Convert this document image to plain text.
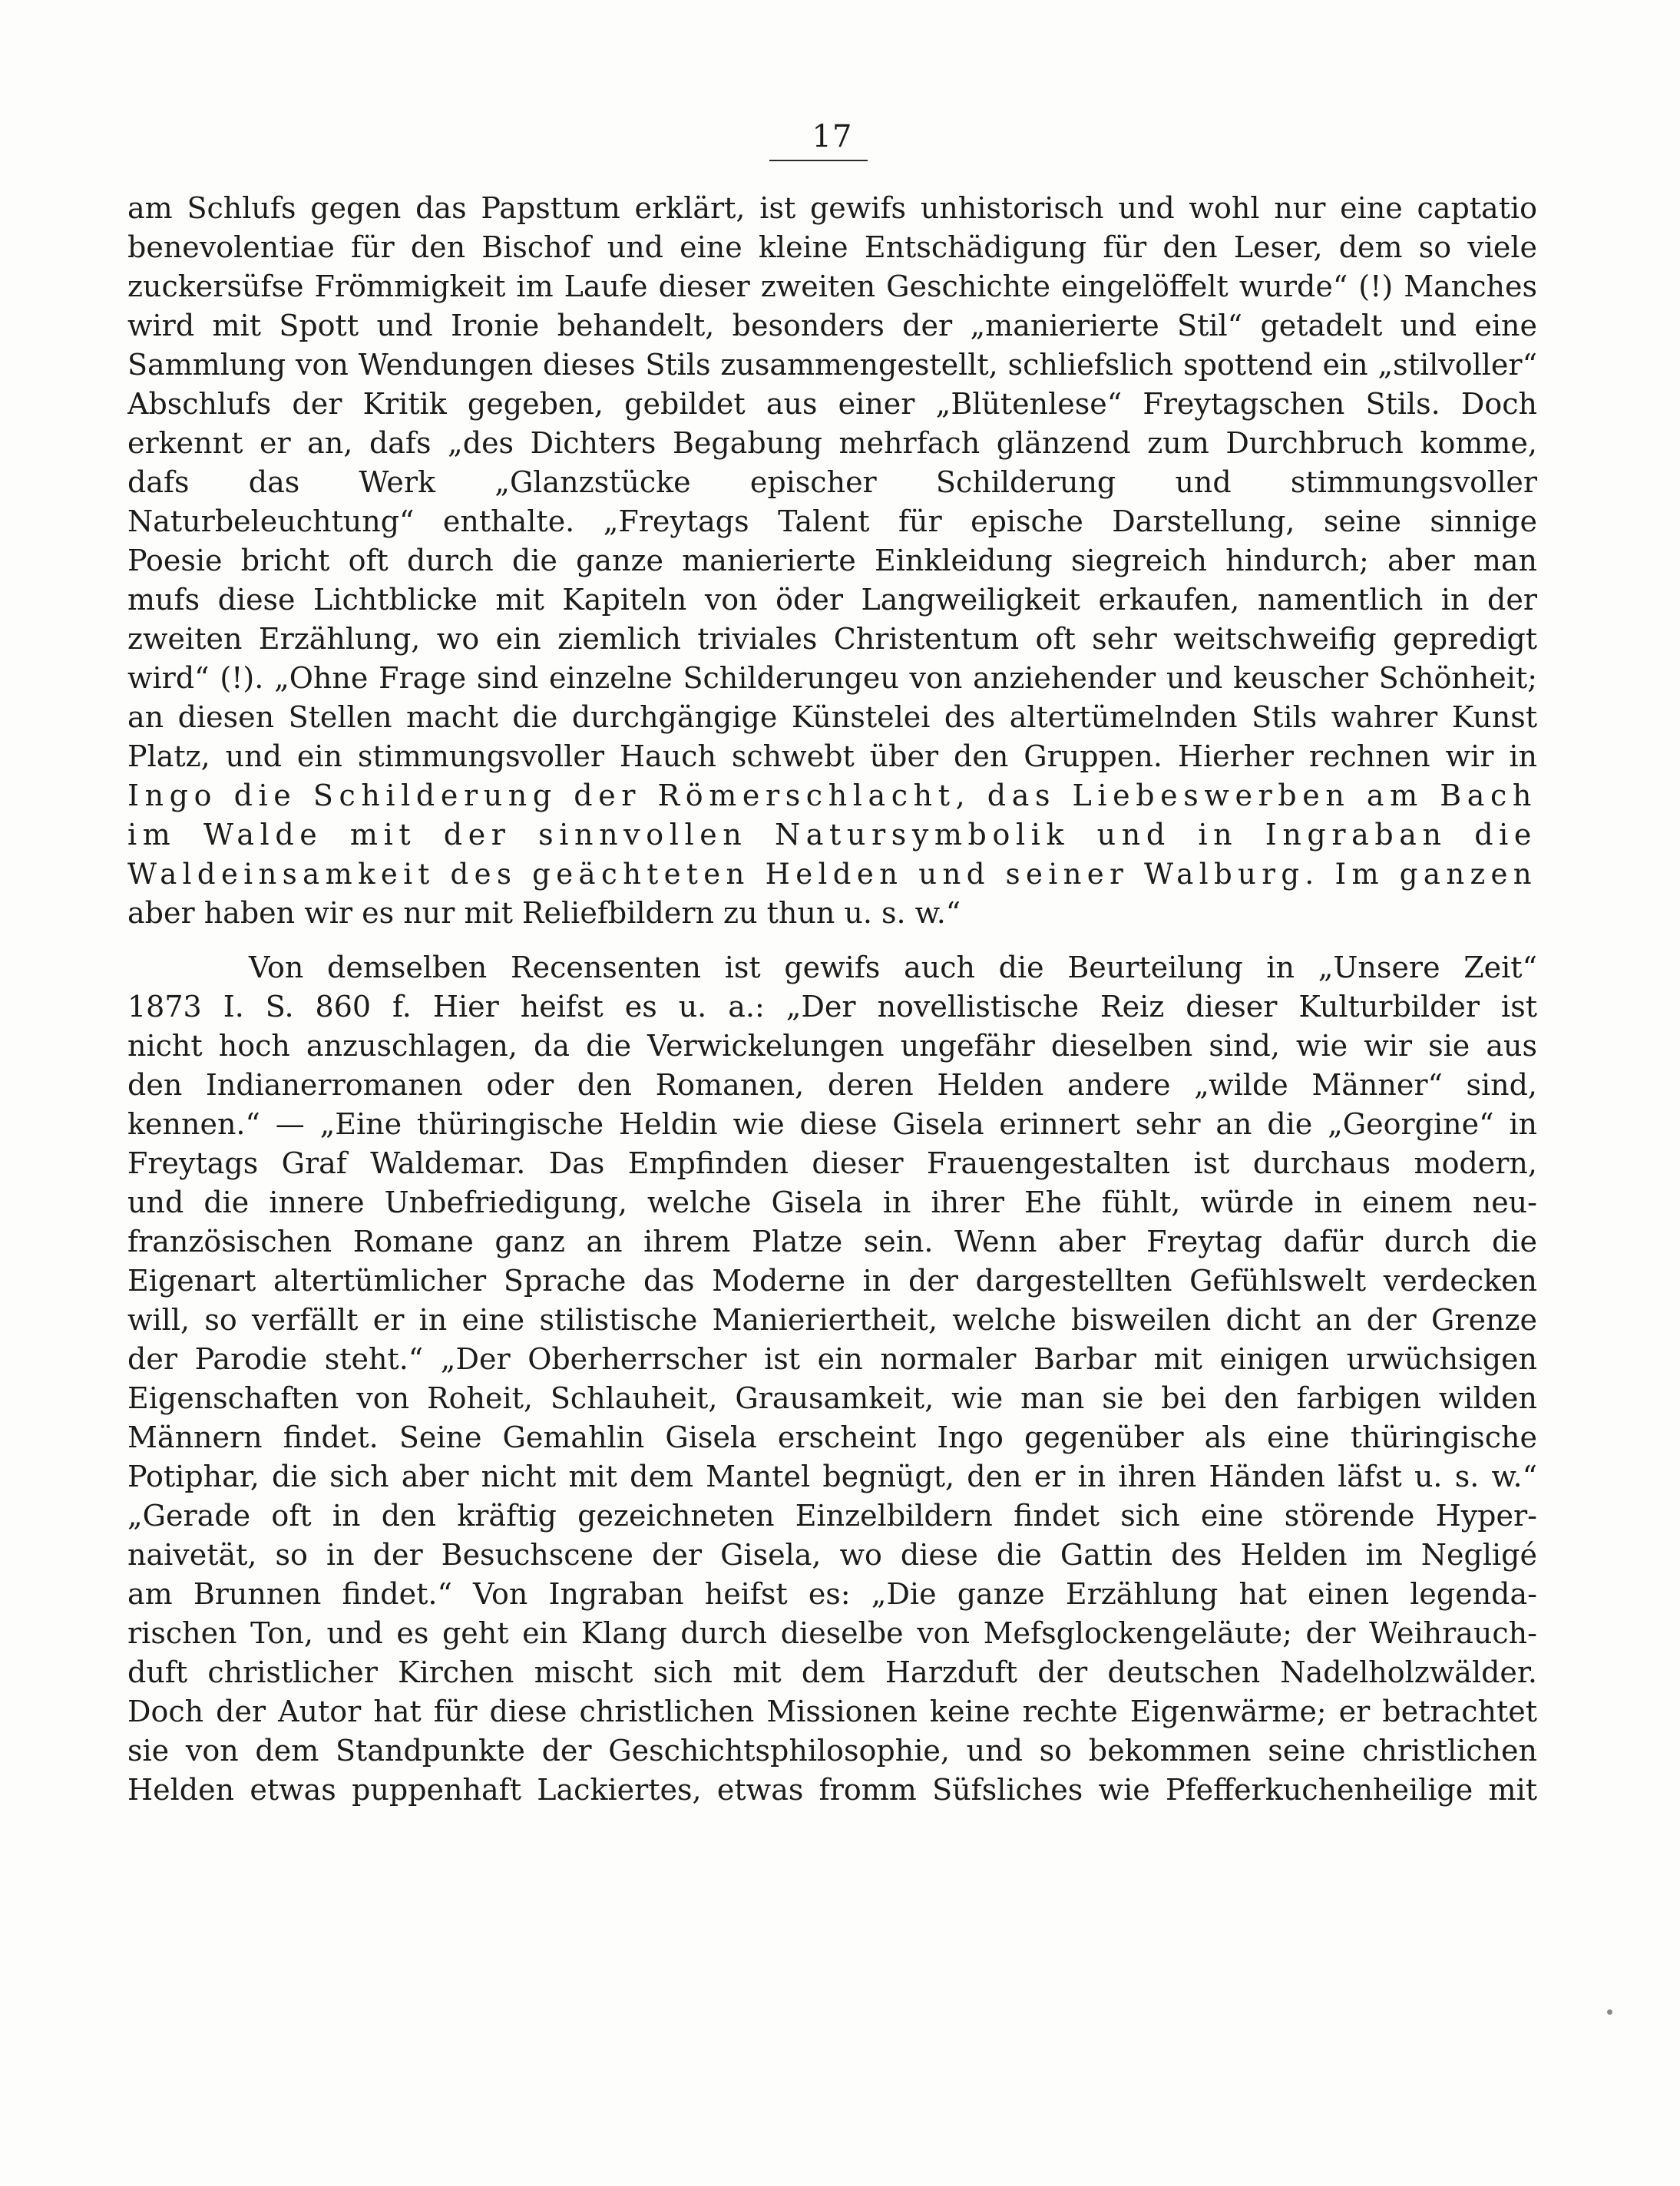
17
am Schlufs gegen das Papsttum erklärt, ist gewifs unhistorisch und wohl nur eine captatio
benevolentiae für den Bischof und eine kleine Entschädigung für den Leser, dem so viele
zuckersüfse Frömmigkeit im Laufe dieser zweiten Geschichte eingelöffelt wurde“ (!) Manches
wird mit Spott und Ironie behandelt, besonders der „manierierte Stil“ getadelt und eine
Sammlung von Wendungen dieses Stils zusammengestellt, schliefslich spottend ein „stilvoller“
Abschlufs der Kritik gegeben, gebildet aus einer „Blütenlese“ Freytagschen Stils. Doch
erkennt er an, dafs „des Dichters Begabung mehrfach glänzend zum Durchbruch komme,
dafs das Werk „Glanzstücke epischer Schilderung und stimmungsvoller
Naturbeleuchtung“ enthalte. „Freytags Talent für epische Darstellung, seine sinnige
Poesie bricht oft durch die ganze manierierte Einkleidung siegreich hindurch; aber man
mufs diese Lichtblicke mit Kapiteln von öder Langweiligkeit erkaufen, namentlich in der
zweiten Erzählung, wo ein ziemlich triviales Christentum oft sehr weitschweifig gepredigt
wird“ (!). „Ohne Frage sind einzelne Schilderungeu von anziehender und keuscher Schönheit;
an diesen Stellen macht die durchgängige Künstelei des altertümelnden Stils wahrer Kunst
Platz, und ein stimmungsvoller Hauch schwebt über den Gruppen. Hierher rechnen wir in
Ingo die Schilderung der Römerschlacht, das Liebeswerben am Bach
im Walde mit der sinnvollen Natursymbolik und in Ingraban die
Waldeinsamkeit des geächteten Helden und seiner Walburg. Im ganzen
aber haben wir es nur mit Reliefbildern zu thun u. s. w.“
Von demselben Recensenten ist gewifs auch die Beurteilung in „Unsere Zeit“
1873 I. S. 860 f. Hier heifst es u. a.: „Der novellistische Reiz dieser Kulturbilder ist
nicht hoch anzuschlagen, da die Verwickelungen ungefähr dieselben sind, wie wir sie aus
den Indianerromanen oder den Romanen, deren Helden andere „wilde Männer“ sind,
kennen.“ — „Eine thüringische Heldin wie diese Gisela erinnert sehr an die „Georgine“ in
Freytags Graf Waldemar. Das Empfinden dieser Frauengestalten ist durchaus modern,
und die innere Unbefriedigung, welche Gisela in ihrer Ehe fühlt, würde in einem neu-
französischen Romane ganz an ihrem Platze sein. Wenn aber Freytag dafür durch die
Eigenart altertümlicher Sprache das Moderne in der dargestellten Gefühlswelt verdecken
will, so verfällt er in eine stilistische Manieriertheit, welche bisweilen dicht an der Grenze
der Parodie steht.“ „Der Oberherrscher ist ein normaler Barbar mit einigen urwüchsigen
Eigenschaften von Roheit, Schlauheit, Grausamkeit, wie man sie bei den farbigen wilden
Männern findet. Seine Gemahlin Gisela erscheint Ingo gegenüber als eine thüringische
Potiphar, die sich aber nicht mit dem Mantel begnügt, den er in ihren Händen läfst u. s. w.“
„Gerade oft in den kräftig gezeichneten Einzelbildern findet sich eine störende Hyper-
naivetät, so in der Besuchscene der Gisela, wo diese die Gattin des Helden im Negligé
am Brunnen findet.“ Von Ingraban heifst es: „Die ganze Erzählung hat einen legenda-
rischen Ton, und es geht ein Klang durch dieselbe von Mefsglockengeläute; der Weihrauch-
duft christlicher Kirchen mischt sich mit dem Harzduft der deutschen Nadelholzwälder.
Doch der Autor hat für diese christlichen Missionen keine rechte Eigenwärme; er betrachtet
sie von dem Standpunkte der Geschichtsphilosophie, und so bekommen seine christlichen
Helden etwas puppenhaft Lackiertes, etwas fromm Süfsliches wie Pfefferkuchenheilige mit
